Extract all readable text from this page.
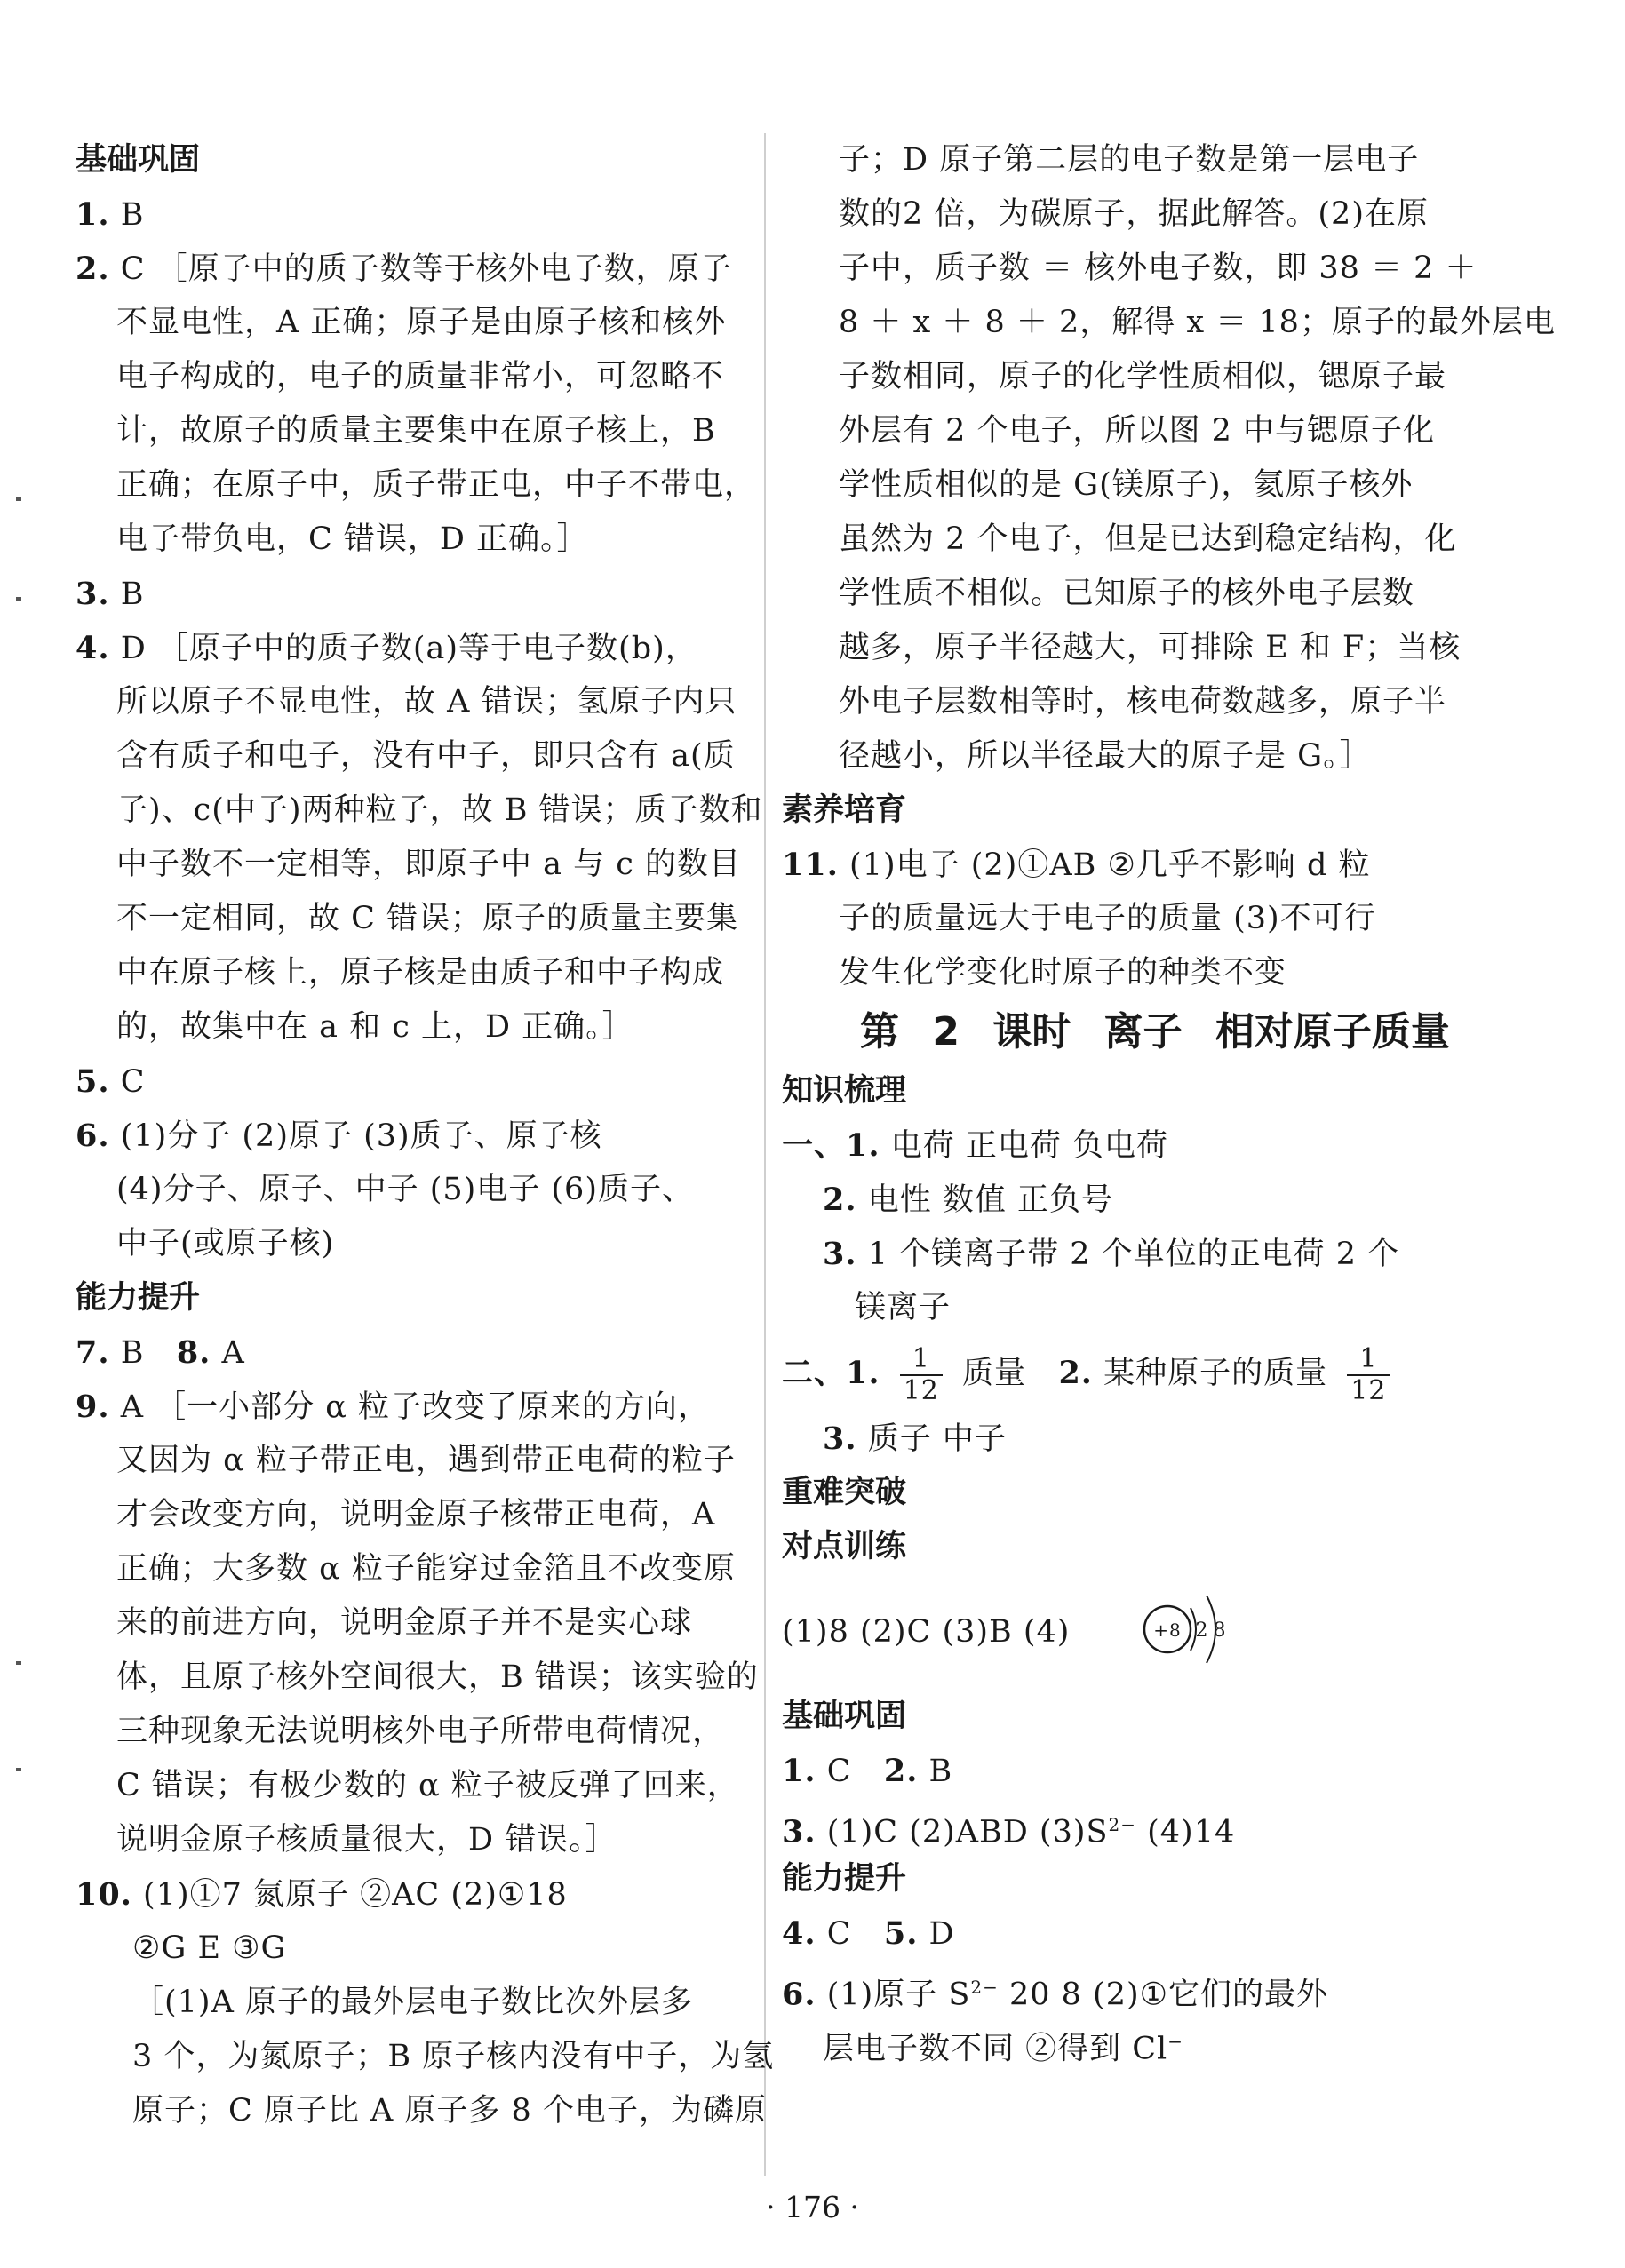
基础巩固
1. B
2. C ［原子中的质子数等于核外电子数，原子
不显电性，A 正确；原子是由原子核和核外
电子构成的，电子的质量非常小，可忽略不
计，故原子的质量主要集中在原子核上，B
正确；在原子中，质子带正电，中子不带电，
电子带负电，C 错误，D 正确。］
3. B
4. D ［原子中的质子数(a)等于电子数(b)，
所以原子不显电性，故 A 错误；氢原子内只
含有质子和电子，没有中子，即只含有 a(质
子)、c(中子)两种粒子，故 B 错误；质子数和
中子数不一定相等，即原子中 a 与 c 的数目
不一定相同，故 C 错误；原子的质量主要集
中在原子核上，原子核是由质子和中子构成
的，故集中在 a 和 c 上，D 正确。］
5. C
6. (1)分子 (2)原子 (3)质子、原子核
(4)分子、原子、中子 (5)电子 (6)质子、
中子(或原子核)
能力提升
7. B 8. A
9. A ［一小部分 α 粒子改变了原来的方向，
又因为 α 粒子带正电，遇到带正电荷的粒子
才会改变方向，说明金原子核带正电荷，A
正确；大多数 α 粒子能穿过金箔且不改变原
来的前进方向，说明金原子并不是实心球
体，且原子核外空间很大，B 错误；该实验的
三种现象无法说明核外电子所带电荷情况，
C 错误；有极少数的 α 粒子被反弹了回来，
说明金原子核质量很大，D 错误。］
10. (1)①7 氮原子 ②AC (2)①18
②G E ③G
［(1)A 原子的最外层电子数比次外层多
3 个，为氮原子；B 原子核内没有中子，为氢
原子；C 原子比 A 原子多 8 个电子，为磷原
子；D 原子第二层的电子数是第一层电子
数的2 倍，为碳原子，据此解答。(2)在原
子中，质子数 ＝ 核外电子数，即 38 ＝ 2 ＋
8 ＋ x ＋ 8 ＋ 2，解得 x ＝ 18；原子的最外层电
子数相同，原子的化学性质相似，锶原子最
外层有 2 个电子，所以图 2 中与锶原子化
学性质相似的是 G(镁原子)，氦原子核外
虽然为 2 个电子，但是已达到稳定结构，化
学性质不相似。已知原子的核外电子层数
越多，原子半径越大，可排除 E 和 F；当核
外电子层数相等时，核电荷数越多，原子半
径越小，所以半径最大的原子是 G。］
素养培育
11. (1)电子 (2)①AB ②几乎不影响 d 粒
子的质量远大于电子的质量 (3)不可行
发生化学变化时原子的种类不变
第 2 课时 离子 相对原子质量
知识梳理
一、1. 电荷 正电荷 负电荷
2. 电性 数值 正负号
3. 1 个镁离子带 2 个单位的正电荷 2 个
镁离子
二、1. $\frac{1}{12}$ 质量 2. 某种原子的质量 $\frac{1}{12}$
3. 质子 中子
重难突破
对点训练
(1)8 (2)C (3)B (4)	+8 2 8
基础巩固
1. C 2. B
3. (1)C (2)ABD $(3)S^{2-}$ (4)14
能力提升
4. C 5. D
6. (1)原子 $S^{2-}$ 20 8 (2)①它们的最外
层电子数不同 ②得到 Cl−
· 176 ·
